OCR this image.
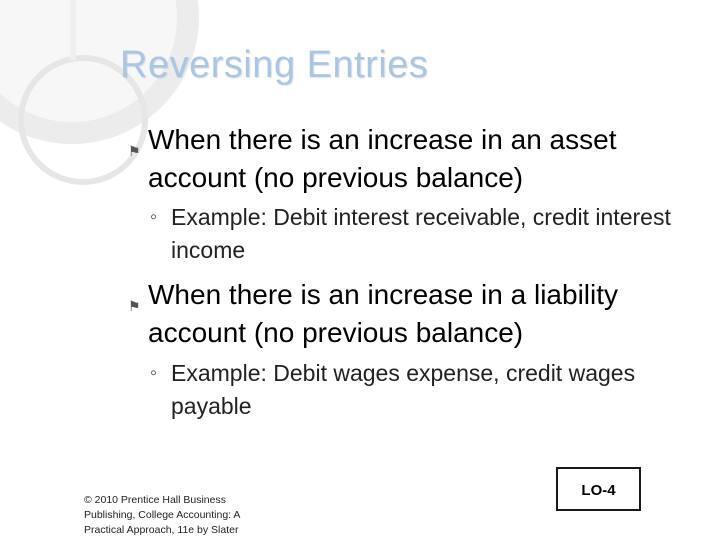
Reversing Entries
⚑ When there is an increase in an asset account (no previous balance)
◦ Example: Debit interest receivable, credit interest income
⚑ When there is an increase in a liability account (no previous balance)
◦ Example: Debit wages expense, credit wages payable
© 2010 Prentice Hall Business Publishing, College Accounting: A Practical Approach, 11e by Slater
LO-4
